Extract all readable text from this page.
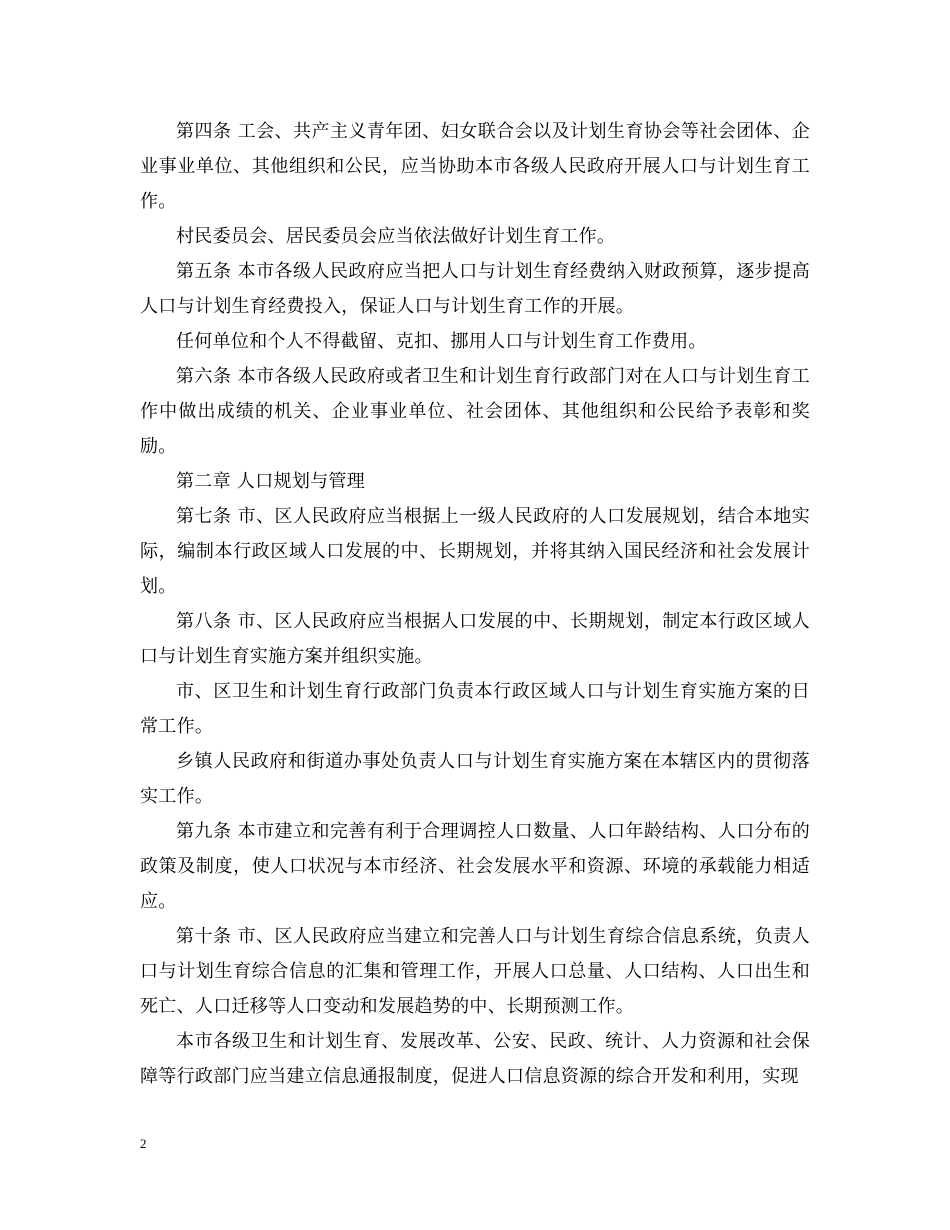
第四条 工会、共产主义青年团、妇女联合会以及计划生育协会等社会团体、企业事业单位、其他组织和公民，应当协助本市各级人民政府开展人口与计划生育工作。

村民委员会、居民委员会应当依法做好计划生育工作。

第五条 本市各级人民政府应当把人口与计划生育经费纳入财政预算，逐步提高人口与计划生育经费投入，保证人口与计划生育工作的开展。

任何单位和个人不得截留、克扣、挪用人口与计划生育工作费用。

第六条 本市各级人民政府或者卫生和计划生育行政部门对在人口与计划生育工作中做出成绩的机关、企业事业单位、社会团体、其他组织和公民给予表彰和奖励。

第二章 人口规划与管理

第七条 市、区人民政府应当根据上一级人民政府的人口发展规划，结合本地实际，编制本行政区域人口发展的中、长期规划，并将其纳入国民经济和社会发展计划。

第八条 市、区人民政府应当根据人口发展的中、长期规划，制定本行政区域人口与计划生育实施方案并组织实施。

市、区卫生和计划生育行政部门负责本行政区域人口与计划生育实施方案的日常工作。

乡镇人民政府和街道办事处负责人口与计划生育实施方案在本辖区内的贯彻落实工作。

第九条 本市建立和完善有利于合理调控人口数量、人口年龄结构、人口分布的政策及制度，使人口状况与本市经济、社会发展水平和资源、环境的承载能力相适应。

第十条 市、区人民政府应当建立和完善人口与计划生育综合信息系统，负责人口与计划生育综合信息的汇集和管理工作，开展人口总量、人口结构、人口出生和死亡、人口迁移等人口变动和发展趋势的中、长期预测工作。

本市各级卫生和计划生育、发展改革、公安、民政、统计、人力资源和社会保障等行政部门应当建立信息通报制度，促进人口信息资源的综合开发和利用，实现

2
